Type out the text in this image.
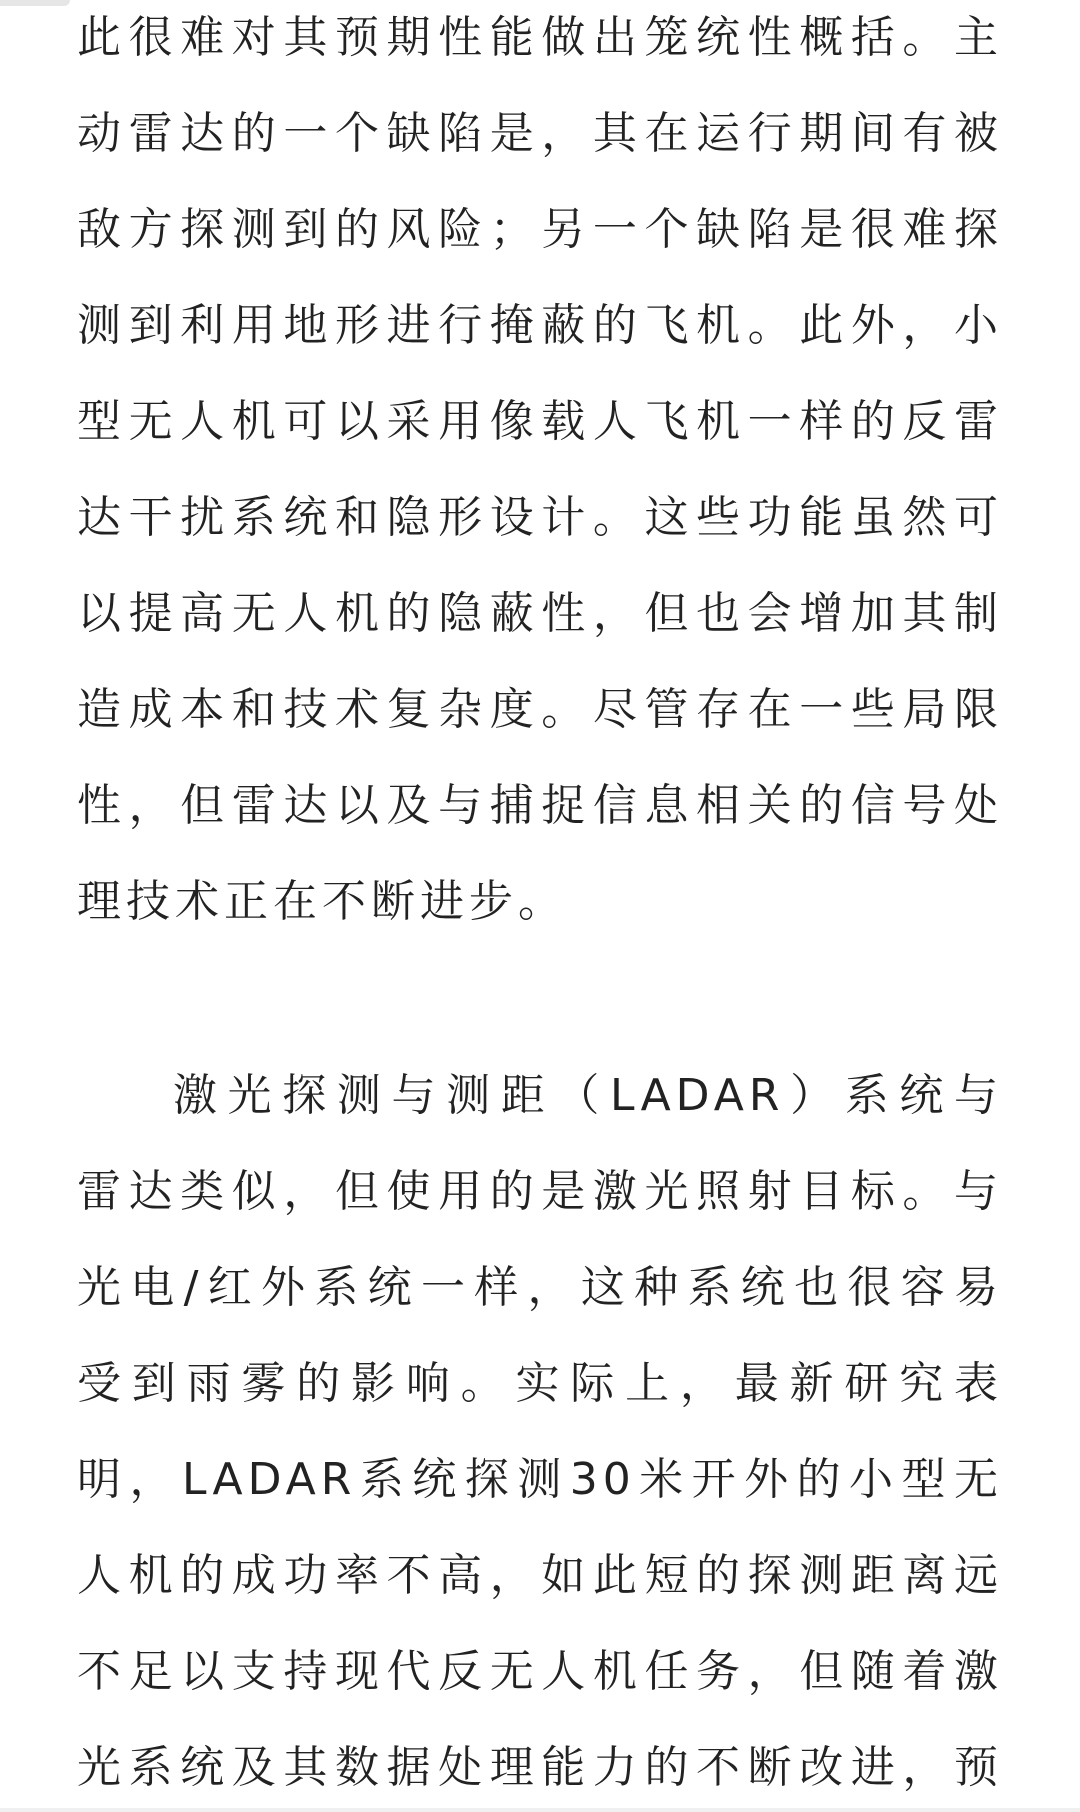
此很难对其预期性能做出笼统性概括。主
动雷达的一个缺陷是，其在运行期间有被
敌方探测到的风险；另一个缺陷是很难探
测到利用地形进行掩蔽的飞机。此外，小
型无人机可以采用像载人飞机一样的反雷
达干扰系统和隐形设计。这些功能虽然可
以提高无人机的隐蔽性，但也会增加其制
造成本和技术复杂度。尽管存在一些局限
性，但雷达以及与捕捉信息相关的信号处
理技术正在不断进步。
激光探测与测距（LADAR）系统与
雷达类似，但使用的是激光照射目标。与
光电/红外系统一样，这种系统也很容易
受到雨雾的影响。实际上，最新研究表
明，LADAR系统探测30米开外的小型无
人机的成功率不高，如此短的探测距离远
不足以支持现代反无人机任务，但随着激
光系统及其数据处理能力的不断改进，预
